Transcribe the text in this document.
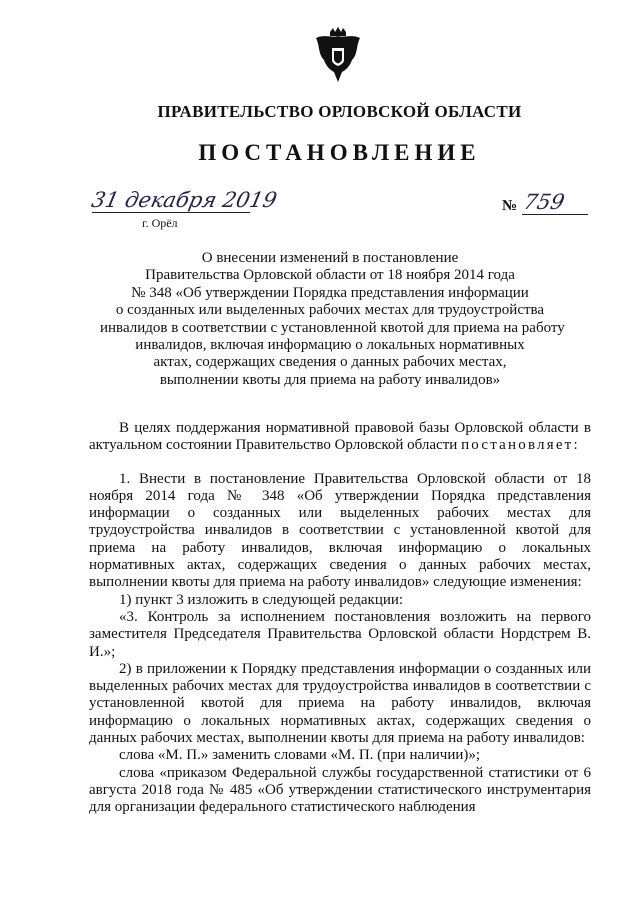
ПРАВИТЕЛЬСТВО ОРЛОВСКОЙ ОБЛАСТИ
ПОСТАНОВЛЕНИЕ
31 декабря 2019
г. Орёл
№ 759
О внесении изменений в постановление
Правительства Орловской области от 18 ноября 2014 года
№ 348 «Об утверждении Порядка представления информации
о созданных или выделенных рабочих местах для трудоустройства
инвалидов в соответствии с установленной квотой для приема на работу
инвалидов, включая информацию о локальных нормативных
актах, содержащих сведения о данных рабочих местах,
выполнении квоты для приема на работу инвалидов»

В целях поддержания нормативной правовой базы Орловской области в актуальном состоянии Правительство Орловской области постановляет:

1. Внести в постановление Правительства Орловской области от 18 ноября 2014 года № 348 «Об утверждении Порядка представления информации о созданных или выделенных рабочих местах для трудоустройства инвалидов в соответствии с установленной квотой для приема на работу инвалидов, включая информацию о локальных нормативных актах, содержащих сведения о данных рабочих местах, выполнении квоты для приема на работу инвалидов» следующие изменения:

1) пункт 3 изложить в следующей редакции:

«3. Контроль за исполнением постановления возложить на первого заместителя Председателя Правительства Орловской области Нордстрем В. И.»;

2) в приложении к Порядку представления информации о созданных или выделенных рабочих местах для трудоустройства инвалидов в соответствии с установленной квотой для приема на работу инвалидов, включая информацию о локальных нормативных актах, содержащих сведения о данных рабочих местах, выполнении квоты для приема на работу инвалидов:

слова «М. П.» заменить словами «М. П. (при наличии)»;

слова «приказом Федеральной службы государственной статистики от 6 августа 2018 года № 485 «Об утверждении статистического инструментария для организации федерального статистического наблюдения
